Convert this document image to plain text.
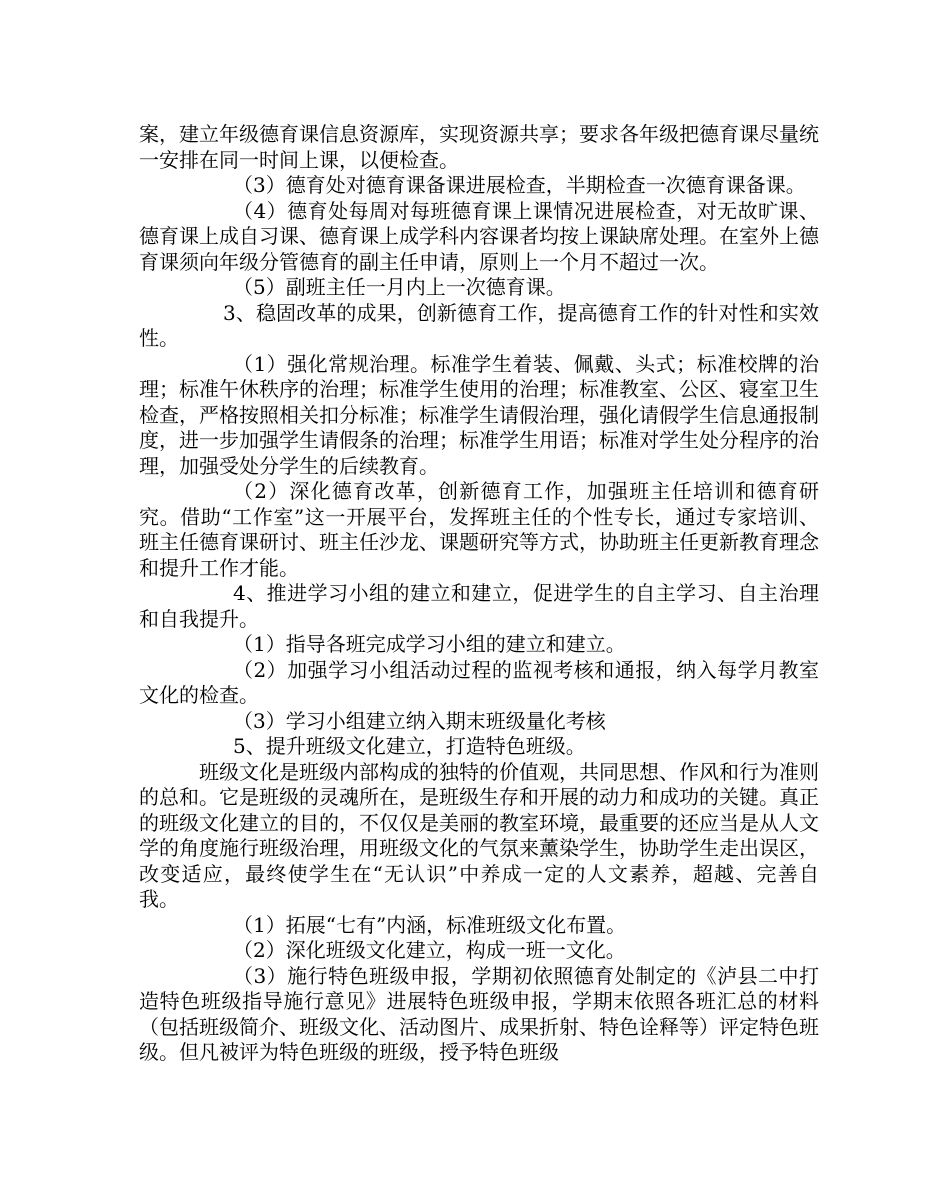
案，建立年级德育课信息资源库，实现资源共享；要求各年级把德育课尽量统一安排在同一时间上课，以便检查。

（3）德育处对德育课备课进展检查，半期检查一次德育课备课。

（4）德育处每周对每班德育课上课情况进展检查，对无故旷课、德育课上成自习课、德育课上成学科内容课者均按上课缺席处理。在室外上德育课须向年级分管德育的副主任申请，原则上一个月不超过一次。

（5）副班主任一月内上一次德育课。

3、稳固改革的成果，创新德育工作，提高德育工作的针对性和实效性。

（1）强化常规治理。标准学生着装、佩戴、头式；标准校牌的治理；标准午休秩序的治理；标准学生使用的治理；标准教室、公区、寝室卫生检查，严格按照相关扣分标准；标准学生请假治理，强化请假学生信息通报制度，进一步加强学生请假条的治理；标准学生用语；标准对学生处分程序的治理，加强受处分学生的后续教育。

（2）深化德育改革，创新德育工作，加强班主任培训和德育研究。借助“工作室”这一开展平台，发挥班主任的个性专长，通过专家培训、班主任德育课研讨、班主任沙龙、课题研究等方式，协助班主任更新教育理念和提升工作才能。

4、推进学习小组的建立和建立，促进学生的自主学习、自主治理和自我提升。

（1）指导各班完成学习小组的建立和建立。

（2）加强学习小组活动过程的监视考核和通报，纳入每学月教室文化的检查。

（3）学习小组建立纳入期末班级量化考核

5、提升班级文化建立，打造特色班级。

班级文化是班级内部构成的独特的价值观，共同思想、作风和行为准则的总和。它是班级的灵魂所在，是班级生存和开展的动力和成功的关键。真正的班级文化建立的目的，不仅仅是美丽的教室环境，最重要的还应当是从人文学的角度施行班级治理，用班级文化的气氛来薰染学生，协助学生走出误区，改变适应，最终使学生在“无认识”中养成一定的人文素养，超越、完善自我。

（1）拓展“七有”内涵，标准班级文化布置。

（2）深化班级文化建立，构成一班一文化。

（3）施行特色班级申报，学期初依照德育处制定的《泸县二中打造特色班级指导施行意见》进展特色班级申报，学期末依照各班汇总的材料（包括班级简介、班级文化、活动图片、成果折射、特色诠释等）评定特色班级。但凡被评为特色班级的班级，授予特色班级
